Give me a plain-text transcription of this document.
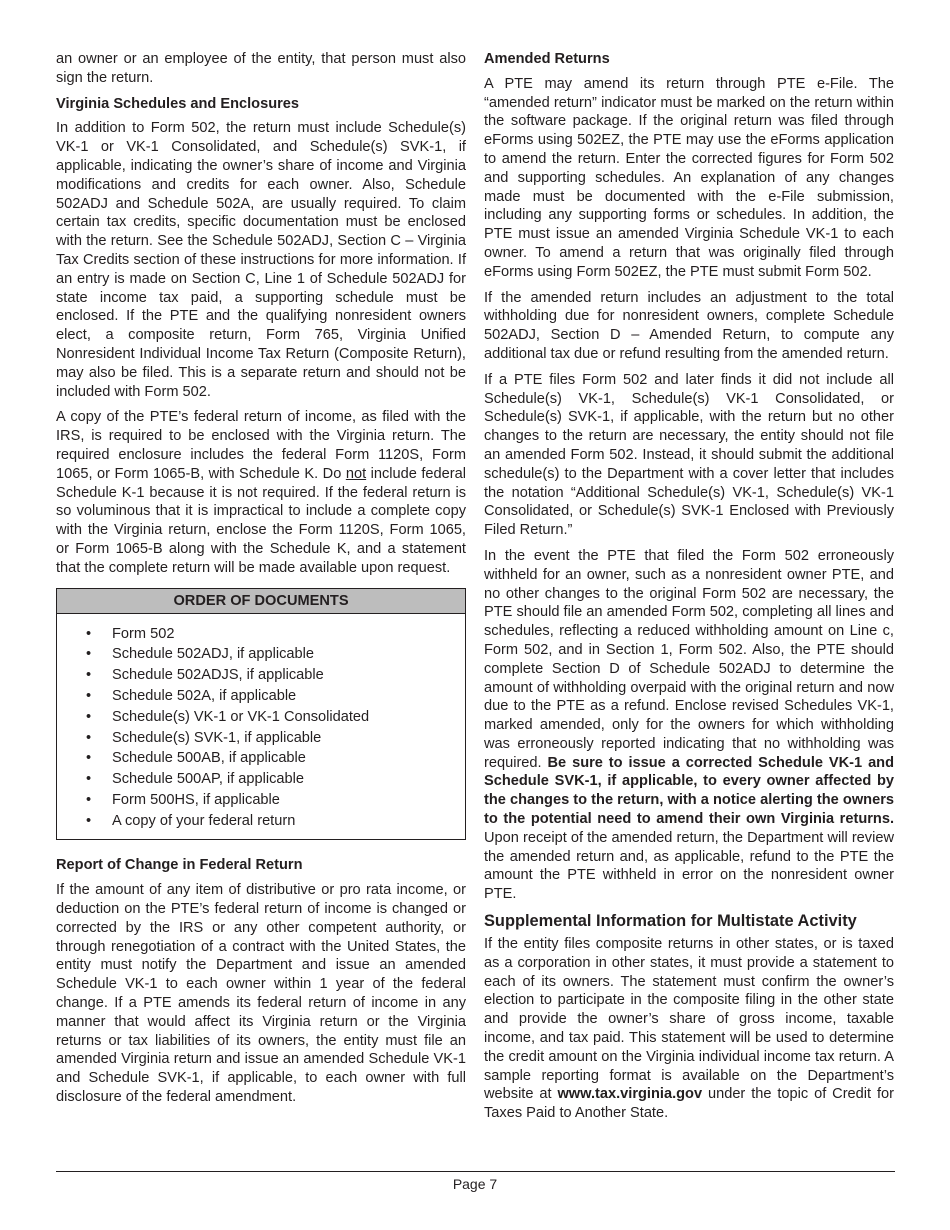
an owner or an employee of the entity, that person must also sign the return.

Virginia Schedules and Enclosures

In addition to Form 502, the return must include Schedule(s) VK-1 or VK-1 Consolidated, and Schedule(s) SVK-1, if applicable, indicating the owner’s share of income and Virginia modifications and credits for each owner. Also, Schedule 502ADJ and Schedule 502A, are usually required. To claim certain tax credits, specific documentation must be enclosed with the return. See the Schedule 502ADJ, Section C – Virginia Tax Credits section of these instructions for more information. If an entry is made on Section C, Line 1 of Schedule 502ADJ for state income tax paid, a supporting schedule must be enclosed. If the PTE and the qualifying nonresident owners elect, a composite return, Form 765, Virginia Unified Nonresident Individual Income Tax Return (Composite Return), may also be filed. This is a separate return and should not be included with Form 502.

A copy of the PTE’s federal return of income, as filed with the IRS, is required to be enclosed with the Virginia return. The required enclosure includes the federal Form 1120S, Form 1065, or Form 1065-B, with Schedule K. Do not include federal Schedule K-1 because it is not required. If the federal return is so voluminous that it is impractical to include a complete copy with the Virginia return, enclose the Form 1120S, Form 1065, or Form 1065-B along with the Schedule K, and a statement that the complete return will be made available upon request.

ORDER OF DOCUMENTS
• Form 502
• Schedule 502ADJ, if applicable
• Schedule 502ADJS, if applicable
• Schedule 502A, if applicable
• Schedule(s) VK-1 or VK-1 Consolidated
• Schedule(s) SVK-1, if applicable
• Schedule 500AB, if applicable
• Schedule 500AP, if applicable
• Form 500HS, if applicable
• A copy of your federal return
Report of Change in Federal Return

If the amount of any item of distributive or pro rata income, or deduction on the PTE’s federal return of income is changed or corrected by the IRS or any other competent authority, or through renegotiation of a contract with the United States, the entity must notify the Department and issue an amended Schedule VK-1 to each owner within 1 year of the federal change. If a PTE amends its federal return of income in any manner that would affect its Virginia return or the Virginia returns or tax liabilities of its owners, the entity must file an amended Virginia return and issue an amended Schedule VK-1 and Schedule SVK-1, if applicable, to each owner with full disclosure of the federal amendment.

Amended Returns

A PTE may amend its return through PTE e-File. The “amended return” indicator must be marked on the return within the software package. If the original return was filed through eForms using 502EZ, the PTE may use the eForms application to amend the return. Enter the corrected figures for Form 502 and supporting schedules. An explanation of any changes made must be documented with the e-File submission, including any supporting forms or schedules. In addition, the PTE must issue an amended Virginia Schedule VK-1 to each owner. To amend a return that was originally filed through eForms using Form 502EZ, the PTE must submit Form 502.

If the amended return includes an adjustment to the total withholding due for nonresident owners, complete Schedule 502ADJ, Section D – Amended Return, to compute any additional tax due or refund resulting from the amended return.

If a PTE files Form 502 and later finds it did not include all Schedule(s) VK-1, Schedule(s) VK-1 Consolidated, or Schedule(s) SVK-1, if applicable, with the return but no other changes to the return are necessary, the entity should not file an amended Form 502. Instead, it should submit the additional schedule(s) to the Department with a cover letter that includes the notation “Additional Schedule(s) VK-1, Schedule(s) VK-1 Consolidated, or Schedule(s) SVK-1 Enclosed with Previously Filed Return.”

In the event the PTE that filed the Form 502 erroneously withheld for an owner, such as a nonresident owner PTE, and no other changes to the original Form 502 are necessary, the PTE should file an amended Form 502, completing all lines and schedules, reflecting a reduced withholding amount on Line c, Form 502, and in Section 1, Form 502. Also, the PTE should complete Section D of Schedule 502ADJ to determine the amount of withholding overpaid with the original return and now due to the PTE as a refund. Enclose revised Schedules VK-1, marked amended, only for the owners for which withholding was erroneously reported indicating that no withholding was required. Be sure to issue a corrected Schedule VK-1 and Schedule SVK-1, if applicable, to every owner affected by the changes to the return, with a notice alerting the owners to the potential need to amend their own Virginia returns. Upon receipt of the amended return, the Department will review the amended return and, as applicable, refund to the PTE the amount the PTE withheld in error on the nonresident owner PTE.

Supplemental Information for Multistate Activity

If the entity files composite returns in other states, or is taxed as a corporation in other states, it must provide a statement to each of its owners. The statement must confirm the owner’s election to participate in the composite filing in the other state and provide the owner’s share of gross income, taxable income, and tax paid. This statement will be used to determine the credit amount on the Virginia individual income tax return. A sample reporting format is available on the Department’s website at www.tax.virginia.gov under the topic of Credit for Taxes Paid to Another State.

Page 7
